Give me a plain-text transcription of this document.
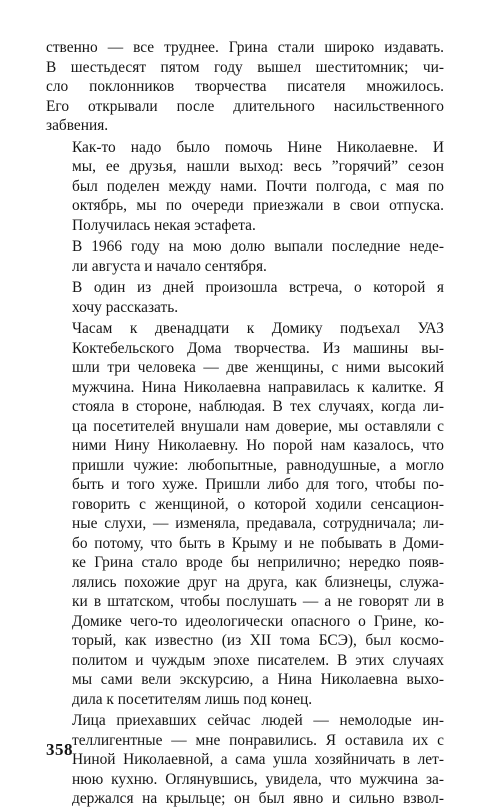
ственно — все труднее. Грина стали широко издавать.
В шестьдесят пятом году вышел шеститомник; чи-
сло поклонников творчества писателя множилось.
Его открывали после длительного насильственного
забвения.
Как-то надо было помочь Нине Николаевне. И
мы, ее друзья, нашли выход: весь ”горячий” сезон
был поделен между нами. Почти полгода, с мая по
октябрь, мы по очереди приезжали в свои отпуска.
Получилась некая эстафета.
В 1966 году на мою долю выпали последние неде-
ли августа и начало сентября.
В один из дней произошла встреча, о которой я
хочу рассказать.
Часам к двенадцати к Домику подъехал УАЗ
Коктебельского Дома творчества. Из машины вы-
шли три человека — две женщины, с ними высокий
мужчина. Нина Николаевна направилась к калитке. Я
стояла в стороне, наблюдая. В тех случаях, когда ли-
ца посетителей внушали нам доверие, мы оставляли с
ними Нину Николаевну. Но порой нам казалось, что
пришли чужие: любопытные, равнодушные, а могло
быть и того хуже. Пришли либо для того, чтобы по-
говорить с женщиной, о которой ходили сенсацион-
ные слухи, — изменяла, предавала, сотрудничала; ли-
бо потому, что быть в Крыму и не побывать в Доми-
ке Грина стало вроде бы неприлично; нередко появ-
лялись похожие друг на друга, как близнецы, служа-
ки в штатском, чтобы послушать — а не говорят ли в
Домике чего-то идеологически опасного о Грине, ко-
торый, как известно (из XII тома БСЭ), был космо-
политом и чуждым эпохе писателем. В этих случаях
мы сами вели экскурсию, а Нина Николаевна выхо-
дила к посетителям лишь под конец.
Лица приехавших сейчас людей — немолодые ин-
теллигентные — мне понравились. Я оставила их с
Ниной Николаевной, а сама ушла хозяйничать в лет-
нюю кухню. Оглянувшись, увидела, что мужчина за-
держался на крыльце; он был явно и сильно взвол-
358
